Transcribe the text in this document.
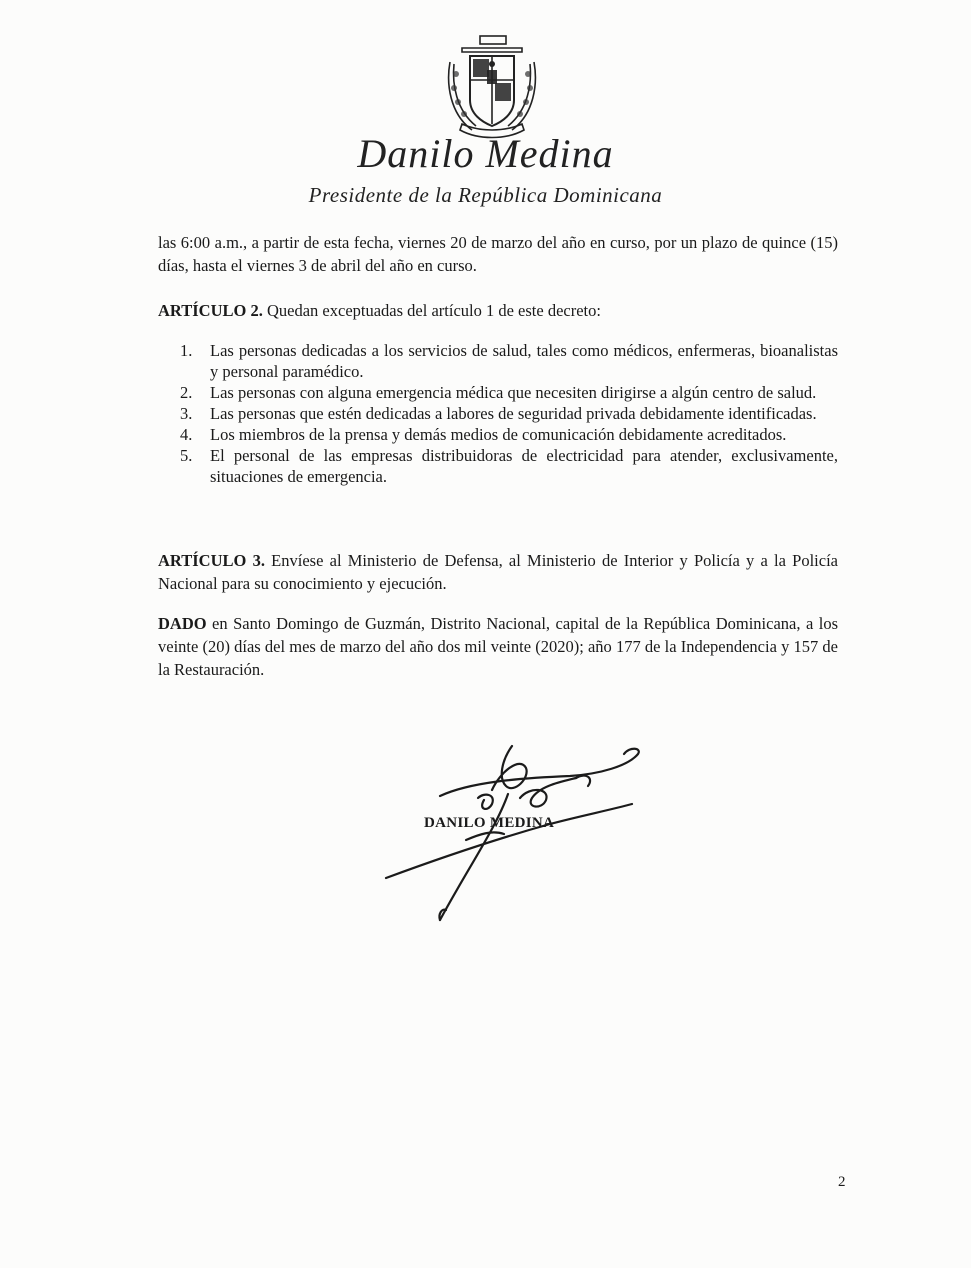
Danilo Medina
Presidente de la República Dominicana

las 6:00 a.m., a partir de esta fecha, viernes 20 de marzo del año en curso, por un plazo de quince (15) días, hasta el viernes 3 de abril del año en curso.

ARTÍCULO 2. Quedan exceptuadas del artículo 1 de este decreto:

1. Las personas dedicadas a los servicios de salud, tales como médicos, enfermeras, bioanalistas y personal paramédico.
2. Las personas con alguna emergencia médica que necesiten dirigirse a algún centro de salud.
3. Las personas que estén dedicadas a labores de seguridad privada debidamente identificadas.
4. Los miembros de la prensa y demás medios de comunicación debidamente acreditados.
5. El personal de las empresas distribuidoras de electricidad para atender, exclusivamente, situaciones de emergencia.

ARTÍCULO 3. Envíese al Ministerio de Defensa, al Ministerio de Interior y Policía y a la Policía Nacional para su conocimiento y ejecución.

DADO en Santo Domingo de Guzmán, Distrito Nacional, capital de la República Dominicana, a los veinte (20) días del mes de marzo del año dos mil veinte (2020); año 177 de la Independencia y 157 de la Restauración.

DANILO MEDINA
2
